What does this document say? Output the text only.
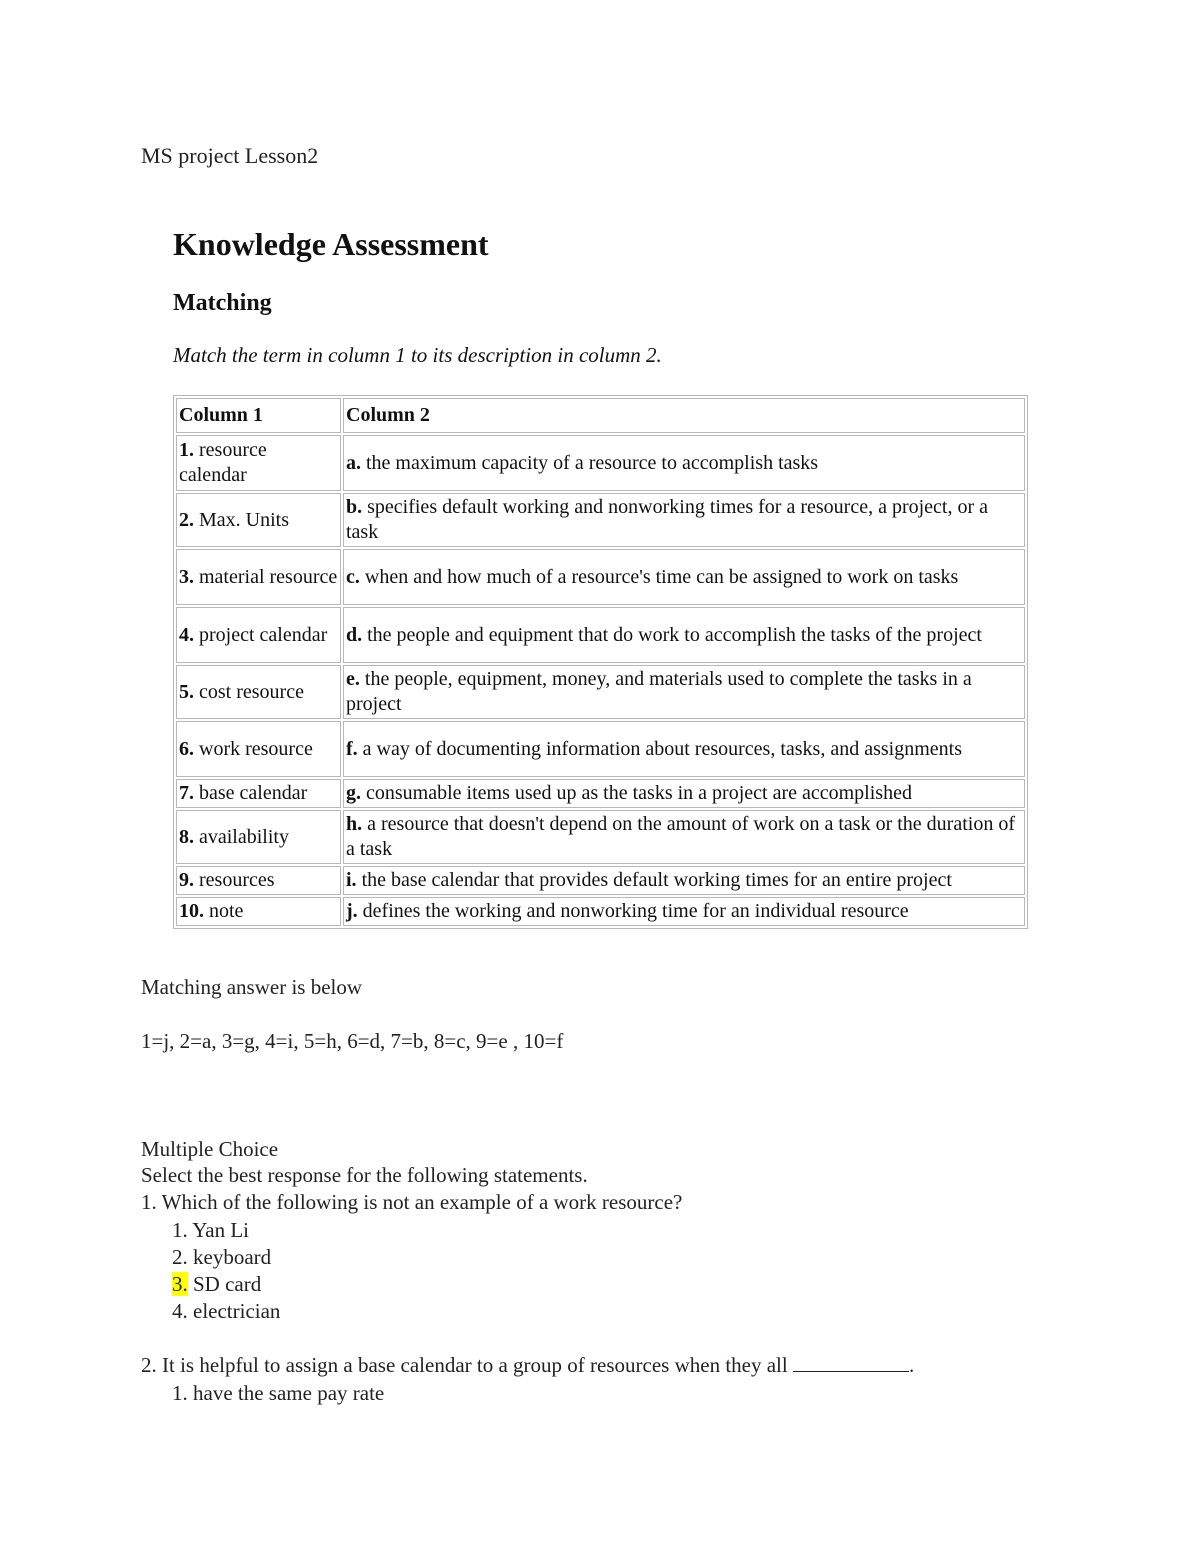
MS project Lesson2
Knowledge Assessment
Matching
Match the term in column 1 to its description in column 2.
Column 1	Column 2
1. resource calendar	a. the maximum capacity of a resource to accomplish tasks
2. Max. Units	b. specifies default working and nonworking times for a resource, a project, or a task
3. material resource	c. when and how much of a resource's time can be assigned to work on tasks
4. project calendar	d. the people and equipment that do work to accomplish the tasks of the project
5. cost resource	e. the people, equipment, money, and materials used to complete the tasks in a project
6. work resource	f. a way of documenting information about resources, tasks, and assignments
7. base calendar	g. consumable items used up as the tasks in a project are accomplished
8. availability	h. a resource that doesn't depend on the amount of work on a task or the duration of a task
9. resources	i. the base calendar that provides default working times for an entire project
10. note	j. defines the working and nonworking time for an individual resource
Matching answer is below
1=j, 2=a, 3=g, 4=i, 5=h, 6=d, 7=b, 8=c, 9=e , 10=f
Multiple Choice
Select the best response for the following statements.
1. Which of the following is not an example of a work resource?
1. Yan Li
2. keyboard
3. SD card
4. electrician
2. It is helpful to assign a base calendar to a group of resources when they all	.
1. have the same pay rate
